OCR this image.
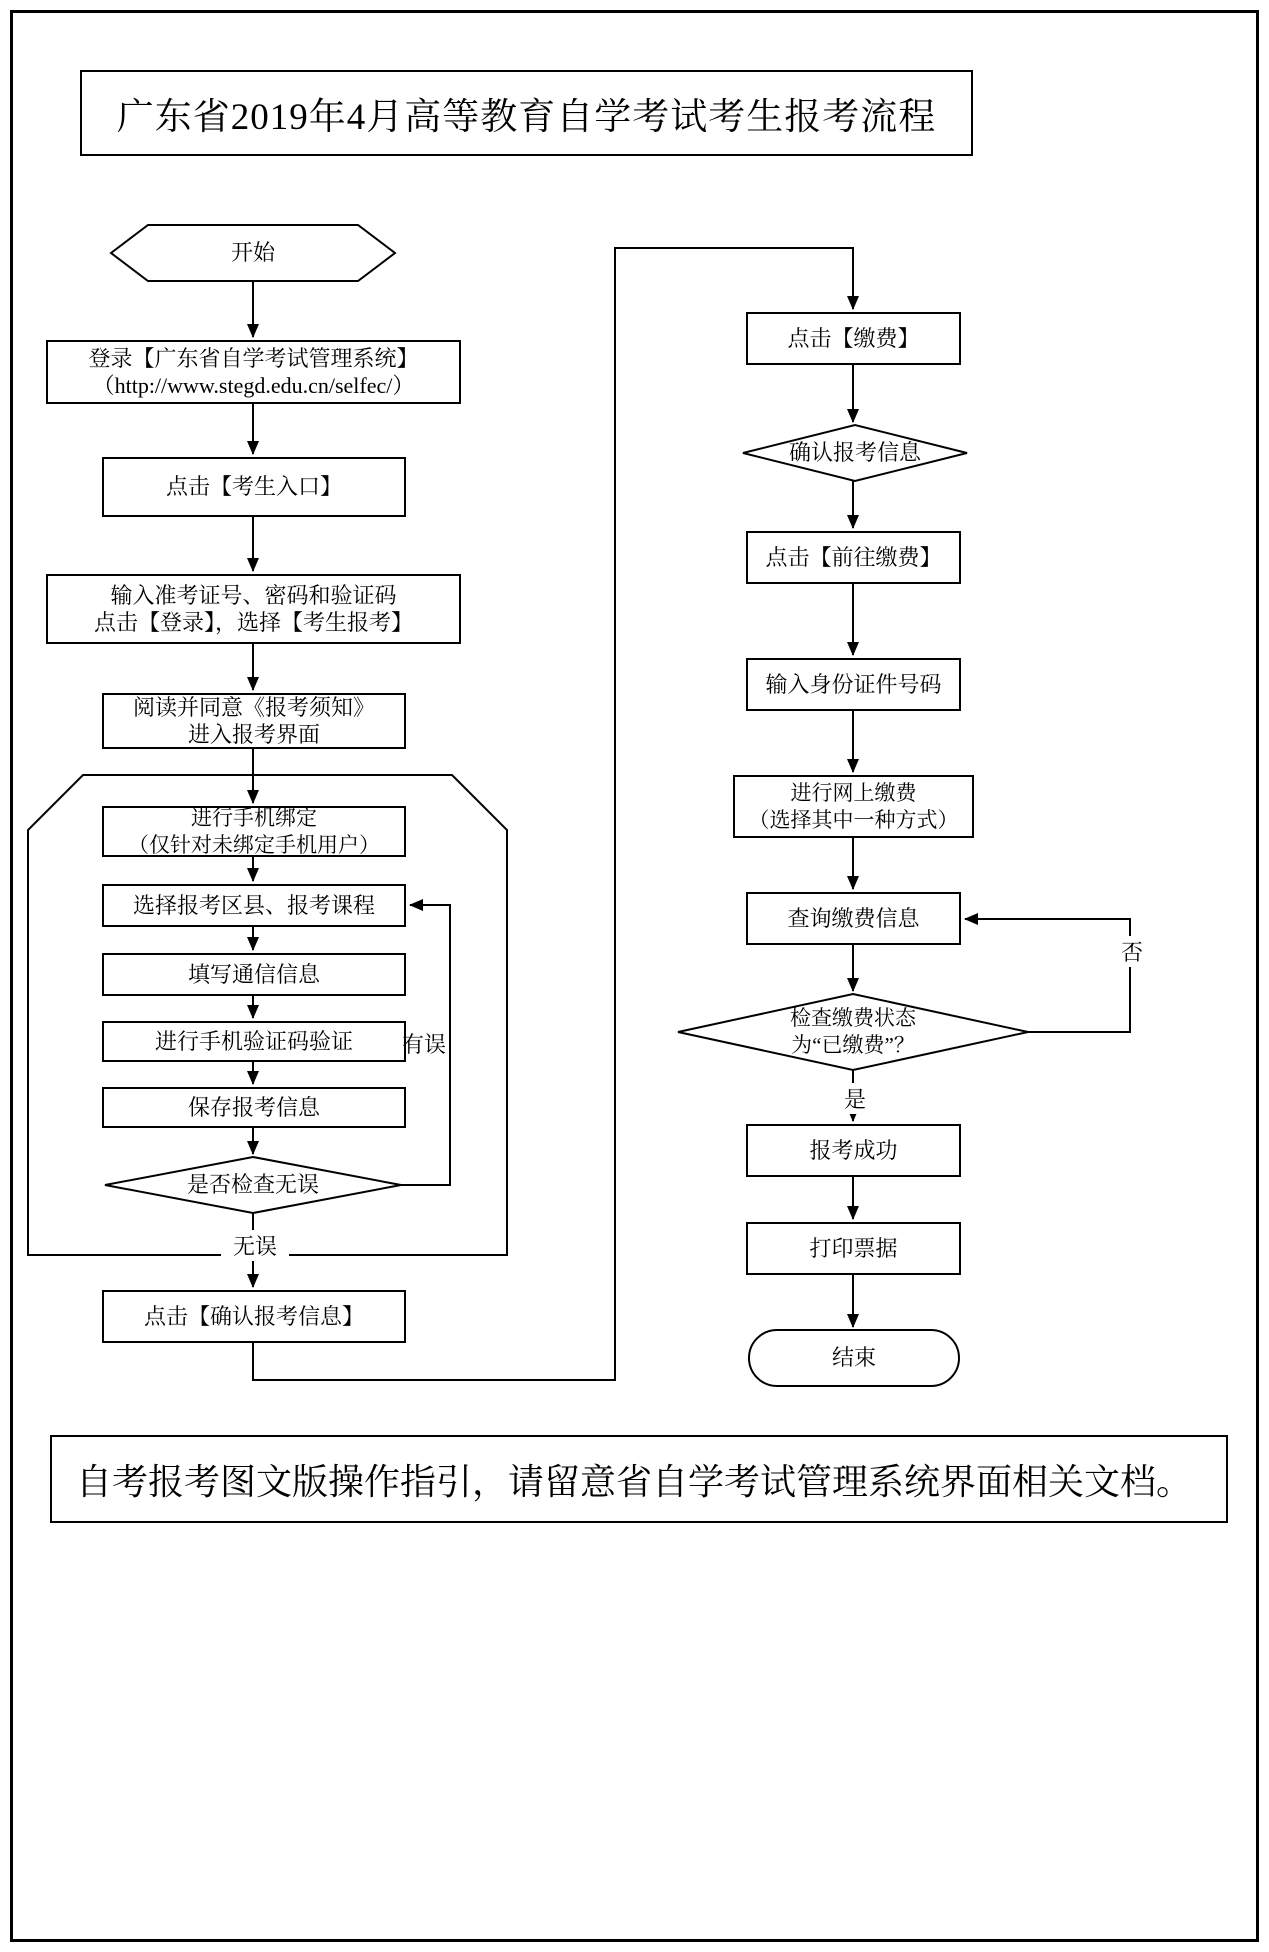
广东省2019年4月高等教育自学考试考生报考流程
开始
是否检查无误
确认报考信息
检查缴费状态
为“已缴费”？
结束
登录【广东省自学考试管理系统】
（http://www.stegd.edu.cn/selfec/）
点击【考生入口】
输入准考证号、密码和验证码
点击【登录】，选择【考生报考】
阅读并同意《报考须知》
进入报考界面
进行手机绑定
（仅针对未绑定手机用户）
选择报考区县、报考课程
填写通信信息
进行手机验证码验证
保存报考信息
点击【确认报考信息】
点击【缴费】
点击【前往缴费】
输入身份证件号码
进行网上缴费
（选择其中一种方式）
查询缴费信息
报考成功
打印票据
有误
无误
否
是
自考报考图文版操作指引，请留意省自学考试管理系统界面相关文档。
